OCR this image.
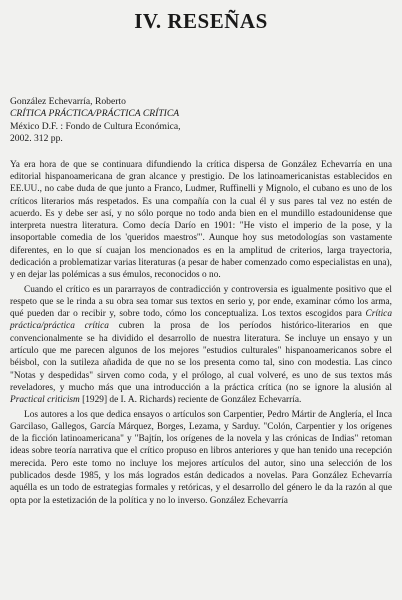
IV. RESEÑAS
González Echevarría, Roberto
CRÍTICA PRÁCTICA/PRÁCTICA CRÍTICA
México D.F. : Fondo de Cultura Económica,
2002. 312 pp.

Ya era hora de que se continuara difundiendo la crítica dispersa de González Echevarría en una editorial hispanoamericana de gran alcance y prestigio. De los latinoamericanistas establecidos en EE.UU., no cabe duda de que junto a Franco, Ludmer, Ruffinelli y Mignolo, el cubano es uno de los críticos literarios más respetados. Es una compañía con la cual él y sus pares tal vez no estén de acuerdo. Es y debe ser así, y no sólo porque no todo anda bien en el mundillo estadounidense que interpreta nuestra literatura. Como decía Darío en 1901: "He visto el imperio de la pose, y la insoportable comedia de los 'queridos maestros'". Aunque hoy sus metodologías son vastamente diferentes, en lo que sí cuajan los mencionados es en la amplitud de criterios, larga trayectoria, dedicación a problematizar varias literaturas (a pesar de haber comenzado como especialistas en una), y en dejar las polémicas a sus émulos, reconocidos o no.

Cuando el crítico es un pararrayos de contradicción y controversia es igualmente positivo que el respeto que se le rinda a su obra sea tomar sus textos en serio y, por ende, examinar cómo los arma, qué pueden dar o recibir y, sobre todo, cómo los conceptualiza. Los textos escogidos para Crítica práctica/práctica crítica cubren la prosa de los períodos histórico-literarios en que convencionalmente se ha dividido el desarrollo de nuestra literatura. Se incluye un ensayo y un artículo que me parecen algunos de los mejores "estudios culturales" hispanoamericanos sobre el béisbol, con la sutileza añadida de que no se los presenta como tal, sino con modestia. Las cinco "Notas y despedidas" sirven como coda, y el prólogo, al cual volveré, es uno de sus textos más reveladores, y mucho más que una introducción a la práctica crítica (no se ignore la alusión al Practical criticism [1929] de I. A. Richards) reciente de González Echevarría.

Los autores a los que dedica ensayos o artículos son Carpentier, Pedro Mártir de Anglería, el Inca Garcilaso, Gallegos, García Márquez, Borges, Lezama, y Sarduy. "Colón, Carpentier y los orígenes de la ficción latinoamericana" y "Bajtín, los orígenes de la novela y las crónicas de Indias" retoman ideas sobre teoría narrativa que el crítico propuso en libros anteriores y que han tenido una recepción merecida. Pero este tomo no incluye los mejores artículos del autor, sino una selección de los publicados desde 1985, y los más logrados están dedicados a novelas. Para González Echevarría aquélla es un todo de estrategias formales y retóricas, y el desarrollo del género le da la razón al que opta por la estetización de la política y no lo inverso. González Echevarría
